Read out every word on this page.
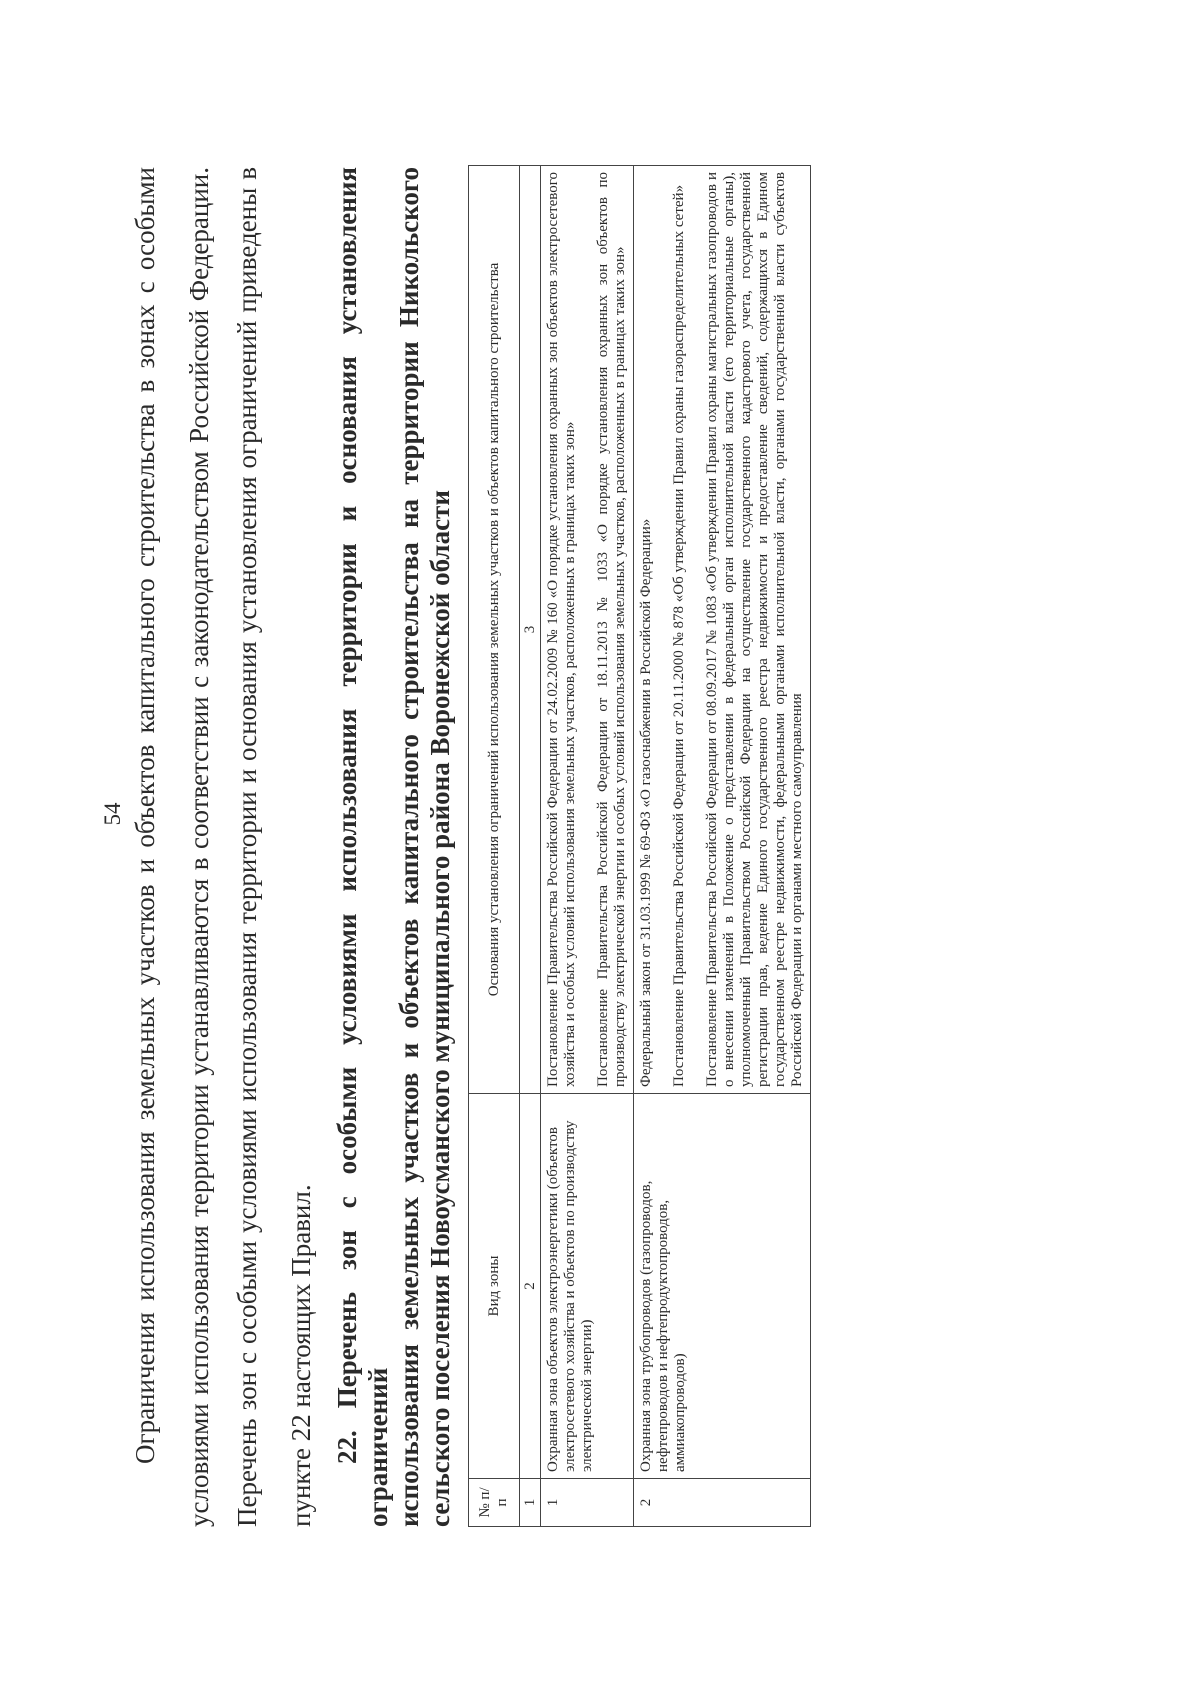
54 Ограничения использования земельных участков и объектов капитального строительства в зонах с особыми условиями использования территории устанавливаются в соответствии с законодательством Российской Федерации. Перечень зон с особыми условиями использования территории и основания установления ограничений приведены в пункте 22 настоящих Правил. 22. Перечень зон с особыми условиями использования территории и основания установления ограничений использования земельных участков и объектов капитального строительства на территории Никольского сельского поселения Новоусманского муниципального района Воронежской области № п/п	Вид зоны	Основания установления ограничений использования земельных участков и объектов капитального строительства
1	2	3
1	Охранная зона объектов электроэнергетики (объектов электросетевого хозяйства и объектов по производству электрической энергии)	Постановление Правительства Российской Федерации от 24.02.2009 № 160 «О порядке установления охранных зон объектов электросетевого хозяйства и особых условий использования земельных участков, расположенных в границах таких зон» Постановление Правительства Российской Федерации от 18.11.2013 № 1033 «О порядке установления охранных зон объектов по производству электрической энергии и особых условий использования земельных участков, расположенных в границах таких зон»

2	Охранная зона трубопроводов (газопроводов, нефтепроводов и нефтепродуктопроводов, аммиакопроводов)	Федеральный закон от 31.03.1999 № 69-ФЗ «О газоснабжении в Российской Федерации» Постановление Правительства Российской Федерации от 20.11.2000 № 878 «Об утверждении Правил охраны газораспределительных сетей» Постановление Правительства Российской Федерации от 08.09.2017 № 1083 «Об утверждении Правил охраны магистральных газопроводов и о внесении изменений в Положение о представлении в федеральный орган исполнительной власти (его территориальные органы), уполномоченный Правительством Российской Федерации на осуществление государственного кадастрового учета, государственной регистрации прав, ведение Единого государственного реестра недвижимости и предоставление сведений, содержащихся в Едином государственном реестре недвижимости, федеральными органами исполнительной власти, органами государственной власти субъектов Российской Федерации и органами местного самоуправления
